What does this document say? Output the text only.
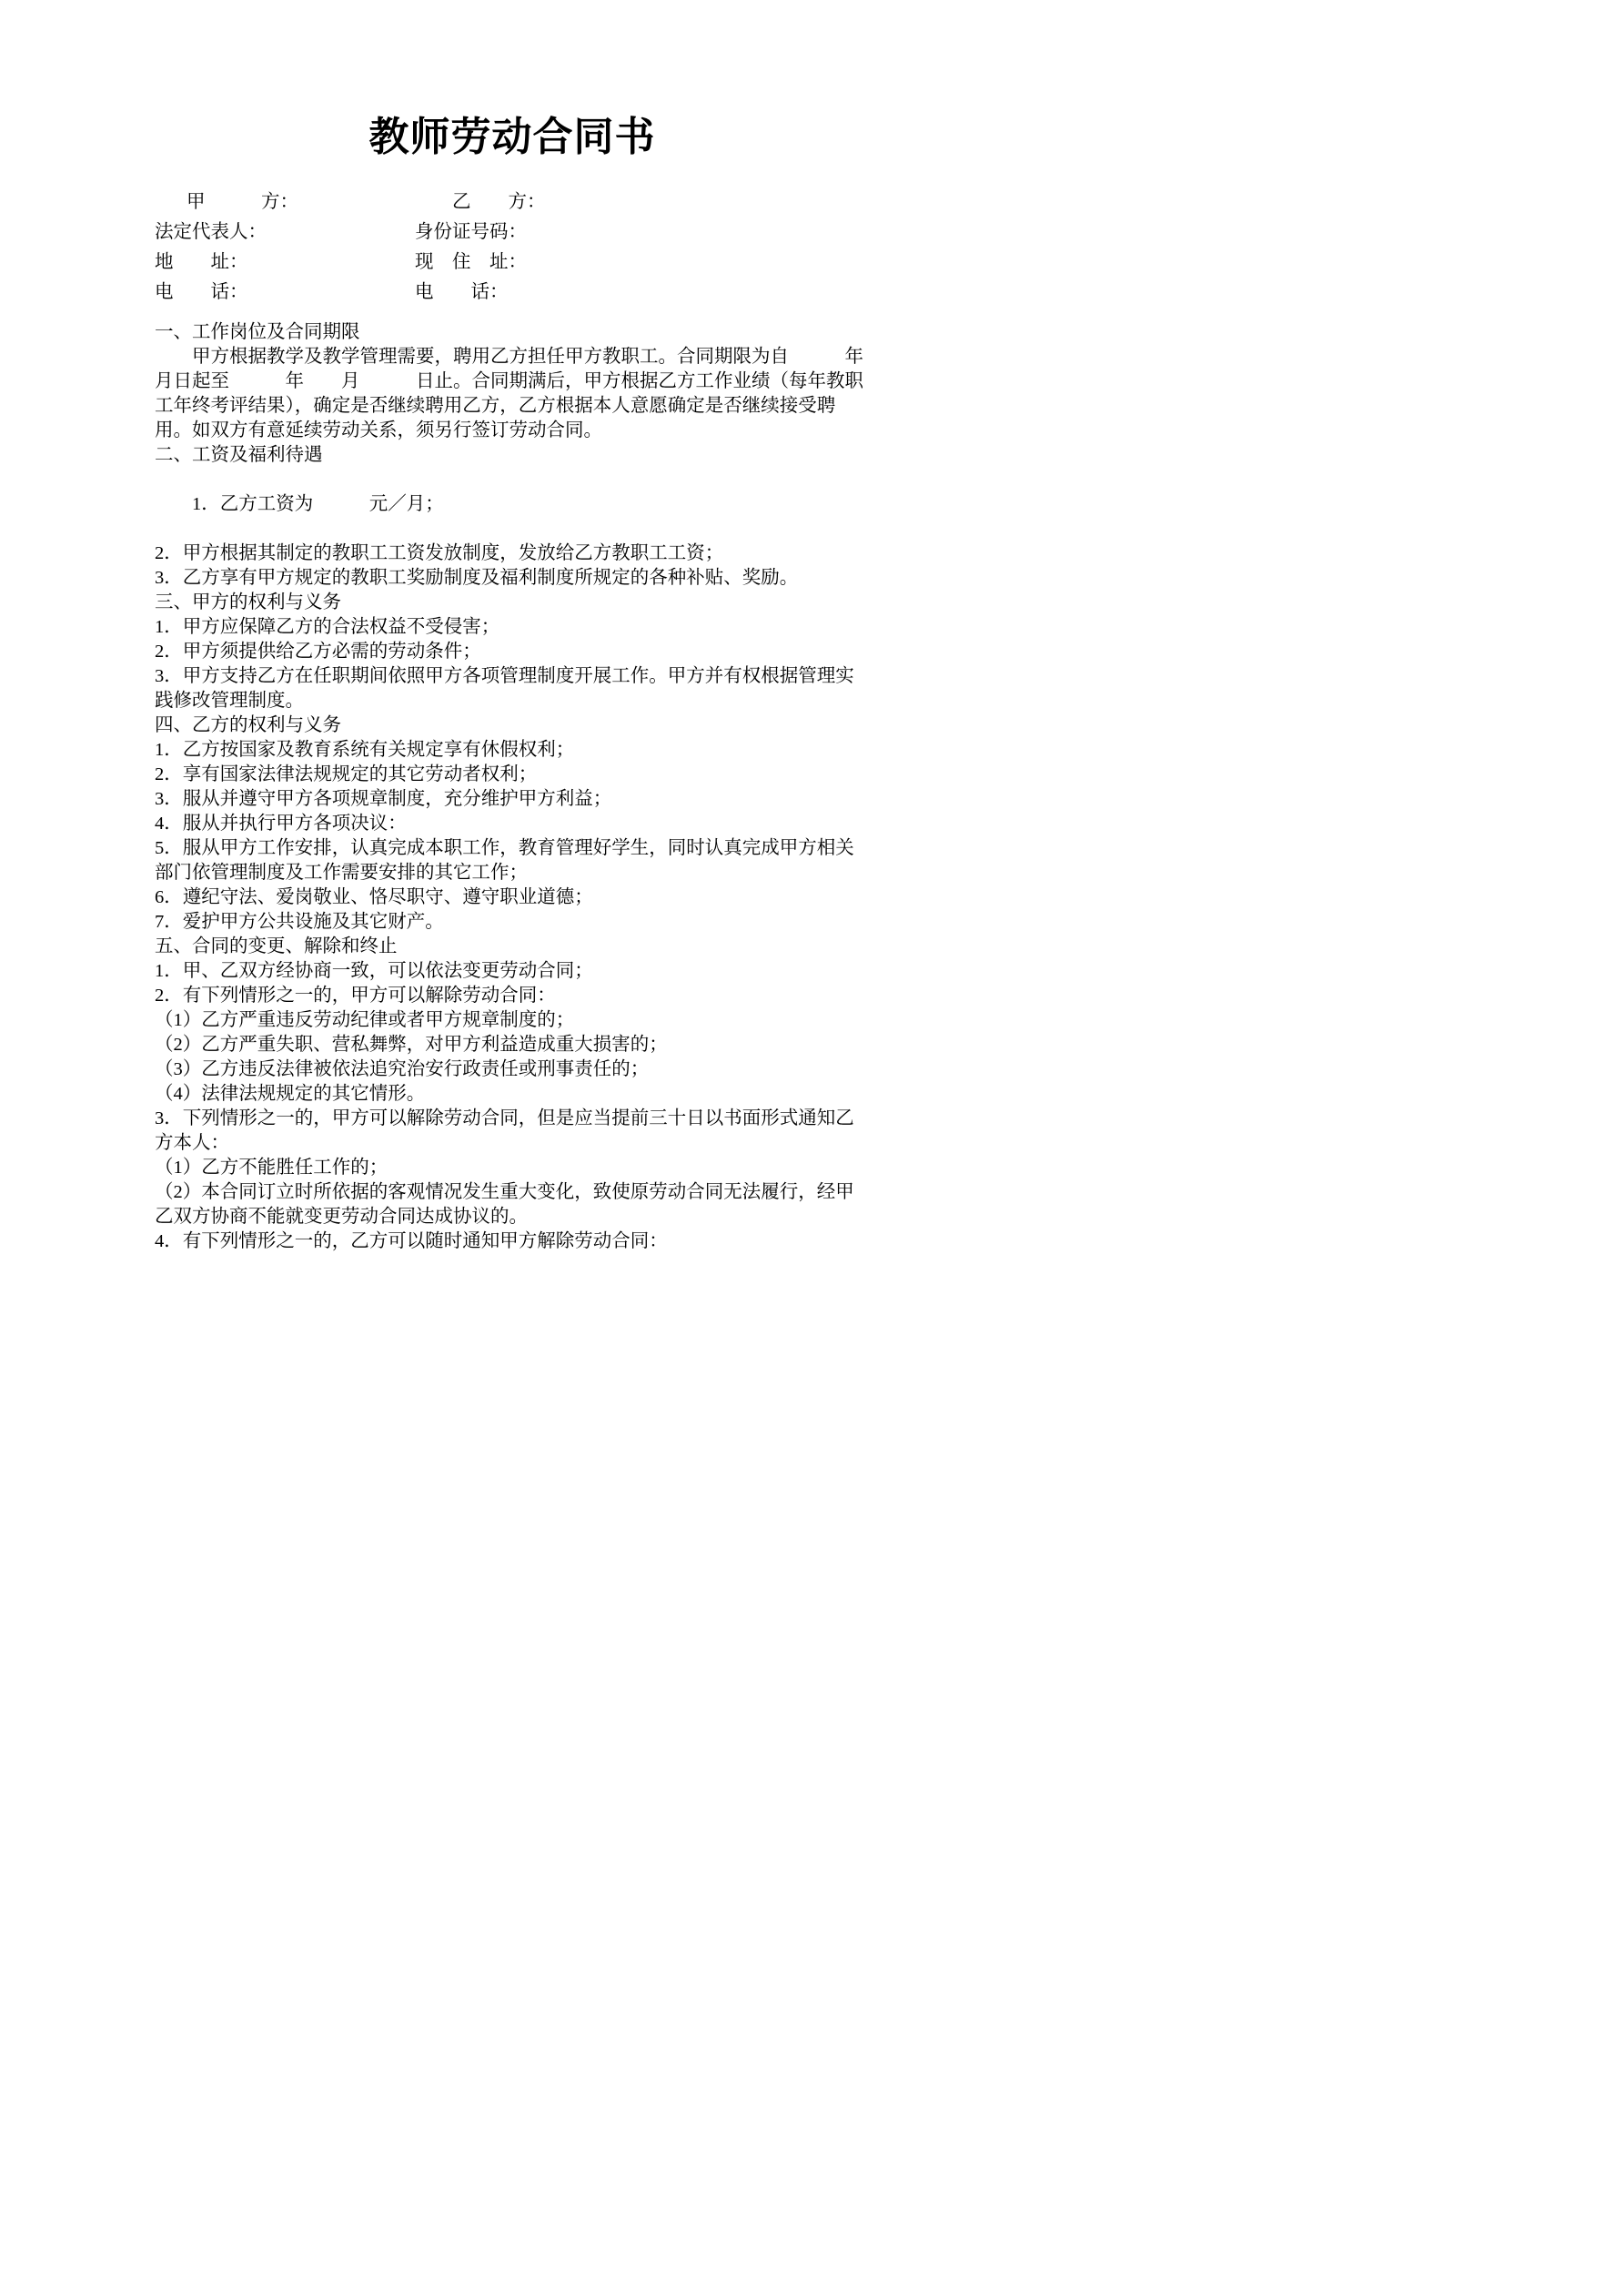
教师劳动合同书
甲　　　方：	　　乙　　方：
法定代表人：	身份证号码：
地　　址：	现　住　址：
电　　话：	电　　话：

一、工作岗位及合同期限

甲方根据教学及教学管理需要，聘用乙方担任甲方教职工。合同期限为自　　　年　　月日起至　　　年　　月　　　日止。合同期满后，甲方根据乙方工作业绩（每年教职工年终考评结果），确定是否继续聘用乙方，乙方根据本人意愿确定是否继续接受聘用。如双方有意延续劳动关系，须另行签订劳动合同。

二、工资及福利待遇

1．乙方工资为　　　元／月；

2．甲方根据其制定的教职工工资发放制度，发放给乙方教职工工资；

3．乙方享有甲方规定的教职工奖励制度及福利制度所规定的各种补贴、奖励。

三、甲方的权利与义务

1．甲方应保障乙方的合法权益不受侵害；

2．甲方须提供给乙方必需的劳动条件；

3．甲方支持乙方在任职期间依照甲方各项管理制度开展工作。甲方并有权根据管理实践修改管理制度。

四、乙方的权利与义务

1．乙方按国家及教育系统有关规定享有休假权利；

2．享有国家法律法规规定的其它劳动者权利；

3．服从并遵守甲方各项规章制度，充分维护甲方利益；

4．服从并执行甲方各项决议：

5．服从甲方工作安排，认真完成本职工作，教育管理好学生，同时认真完成甲方相关部门依管理制度及工作需要安排的其它工作；

6．遵纪守法、爱岗敬业、恪尽职守、遵守职业道德；

7．爱护甲方公共设施及其它财产。

五、合同的变更、解除和终止

1．甲、乙双方经协商一致，可以依法变更劳动合同；

2．有下列情形之一的，甲方可以解除劳动合同：

（1）乙方严重违反劳动纪律或者甲方规章制度的；

（2）乙方严重失职、营私舞弊，对甲方利益造成重大损害的；

（3）乙方违反法律被依法追究治安行政责任或刑事责任的；

（4）法律法规规定的其它情形。

3．下列情形之一的，甲方可以解除劳动合同，但是应当提前三十日以书面形式通知乙方本人：

（1）乙方不能胜任工作的；

（2）本合同订立时所依据的客观情况发生重大变化，致使原劳动合同无法履行，经甲乙双方协商不能就变更劳动合同达成协议的。

4．有下列情形之一的，乙方可以随时通知甲方解除劳动合同：
